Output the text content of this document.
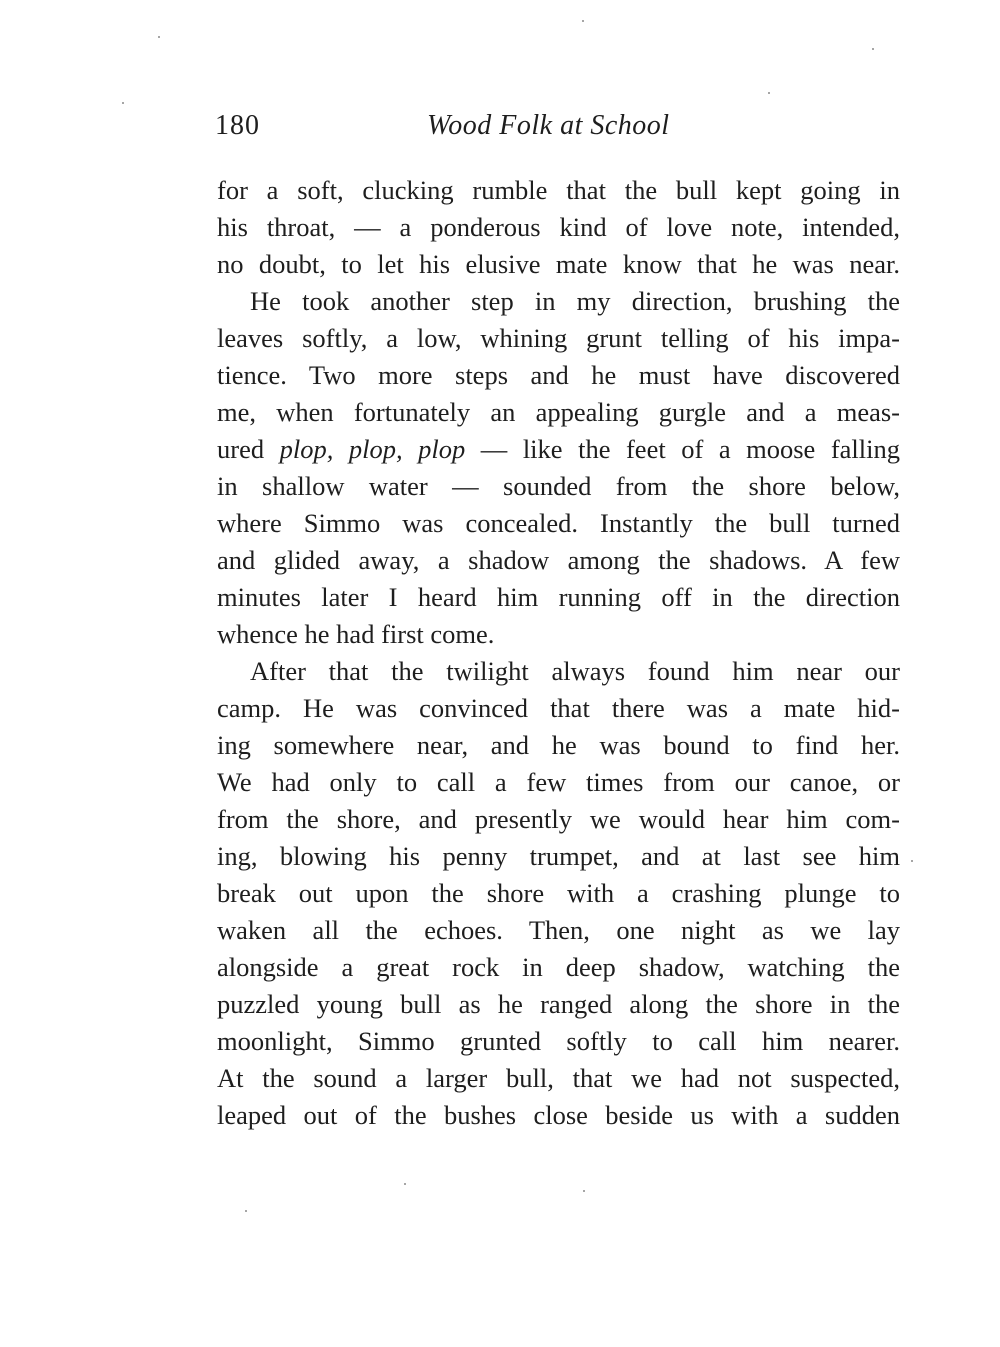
180	Wood Folk at School
for a soft, clucking rumble that the bull kept going in
his throat, — a ponderous kind of love note, intended,
no doubt, to let his elusive mate know that he was near.
He took another step in my direction, brushing the
leaves softly, a low, whining grunt telling of his impa-
tience. Two more steps and he must have discovered
me, when fortunately an appealing gurgle and a meas-
ured plop, plop, plop — like the feet of a moose falling
in shallow water — sounded from the shore below,
where Simmo was concealed. Instantly the bull turned
and glided away, a shadow among the shadows. A few
minutes later I heard him running off in the direction
whence he had first come.
After that the twilight always found him near our
camp. He was convinced that there was a mate hid-
ing somewhere near, and he was bound to find her.
We had only to call a few times from our canoe, or
from the shore, and presently we would hear him com-
ing, blowing his penny trumpet, and at last see him
break out upon the shore with a crashing plunge to
waken all the echoes. Then, one night as we lay
alongside a great rock in deep shadow, watching the
puzzled young bull as he ranged along the shore in the
moonlight, Simmo grunted softly to call him nearer.
At the sound a larger bull, that we had not suspected,
leaped out of the bushes close beside us with a sudden
